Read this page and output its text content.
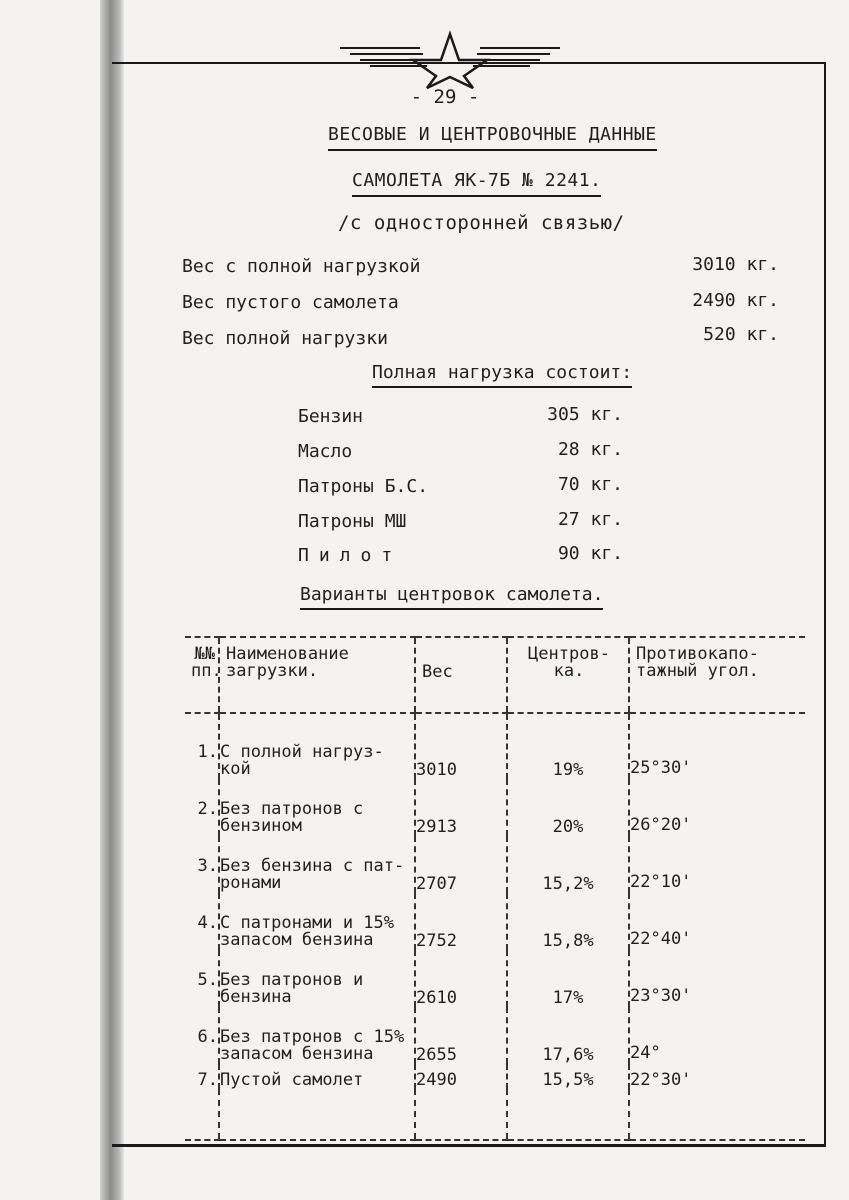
- 29 -
ВЕСОВЫЕ И ЦЕНТРОВОЧНЫЕ ДАННЫЕ
САМОЛЕТА ЯК-7Б № 2241.
/с односторонней связью/
Вес с полной нагрузкой	3010 кг.
Вес пустого самолета	2490 кг.
Вес полной нагрузки	520 кг.
Полная нагрузка состоит:
Бензин	305 кг.
Масло	28 кг.
Патроны Б.С.	70 кг.
Патроны МШ	27 кг.
Пилот	90 кг.
Варианты центровок самолета.
№№ пп.	Наименование загрузки.	Вес	Центров- ка.	Противокапо- тажный угол.
1.	С полной нагруз- кой	3010	19%	25°30'
2.	Без патронов с бензином	2913	20%	26°20'
3.	Без бензина с пат- ронами	2707	15,2%	22°10'
4.	С патронами и 15% запасом бензина	2752	15,8%	22°40'
5.	Без патронов и бензина	2610	17%	23°30'
6.	Без патронов с 15% запасом бензина	2655	17,6%	24°
7.	Пустой самолет	2490	15,5%	22°30'
